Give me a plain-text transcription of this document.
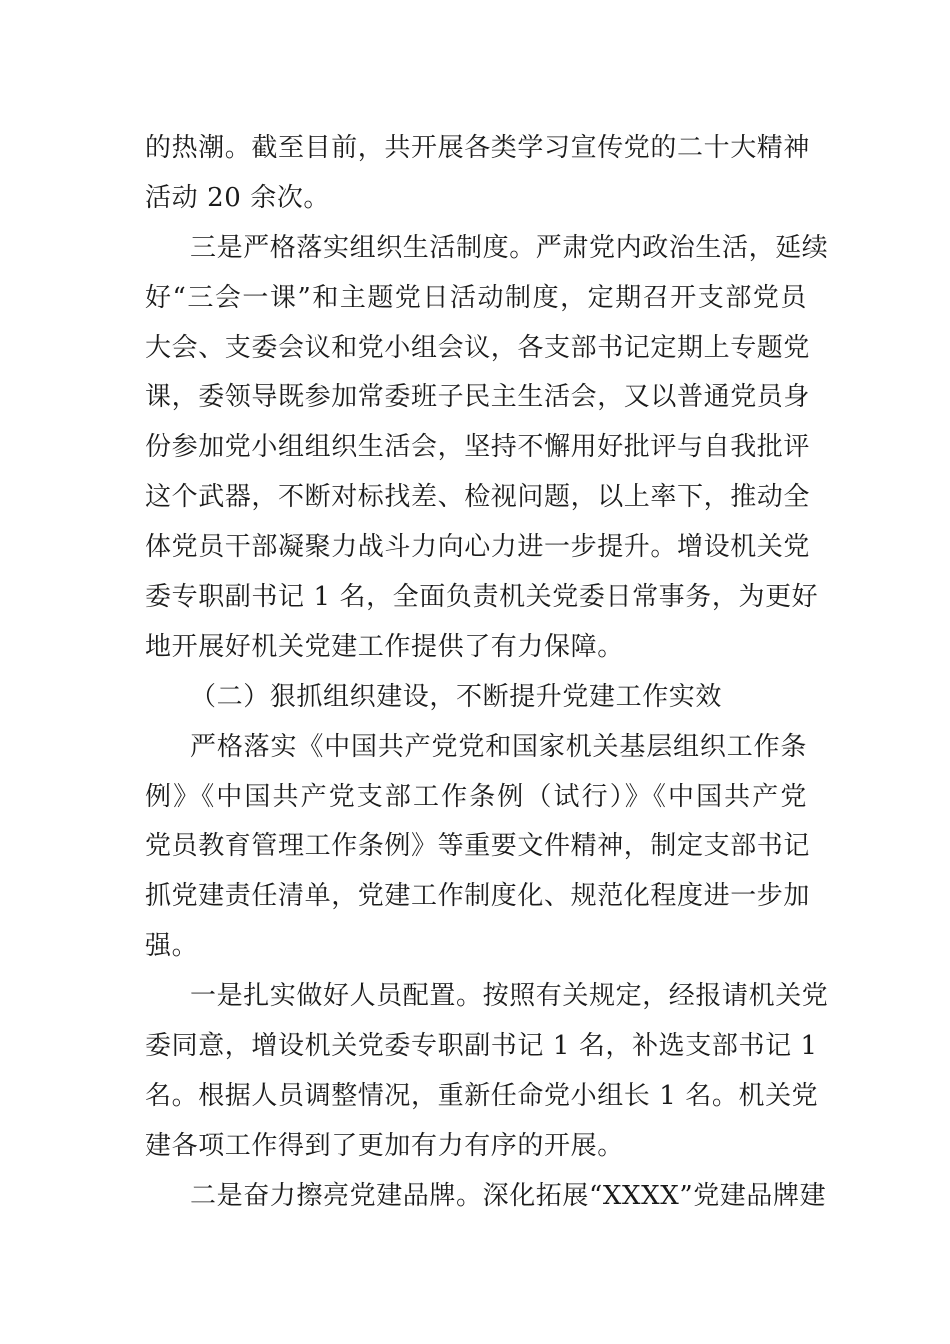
的热潮。截至目前，共开展各类学习宣传党的二十大精神
活动 20 余次。
三是严格落实组织生活制度。严肃党内政治生活，延续
好“三会一课”和主题党日活动制度，定期召开支部党员
大会、支委会议和党小组会议，各支部书记定期上专题党
课，委领导既参加常委班子民主生活会，又以普通党员身
份参加党小组组织生活会，坚持不懈用好批评与自我批评
这个武器，不断对标找差、检视问题，以上率下，推动全
体党员干部凝聚力战斗力向心力进一步提升。增设机关党
委专职副书记 1 名，全面负责机关党委日常事务，为更好
地开展好机关党建工作提供了有力保障。
（二）狠抓组织建设，不断提升党建工作实效
严格落实《中国共产党党和国家机关基层组织工作条
例》《中国共产党支部工作条例（试行）》《中国共产党
党员教育管理工作条例》等重要文件精神，制定支部书记
抓党建责任清单，党建工作制度化、规范化程度进一步加
强。
一是扎实做好人员配置。按照有关规定，经报请机关党
委同意，增设机关党委专职副书记 1 名，补选支部书记 1
名。根据人员调整情况，重新任命党小组长 1 名。机关党
建各项工作得到了更加有力有序的开展。
二是奋力擦亮党建品牌。深化拓展“XXXX”党建品牌建
